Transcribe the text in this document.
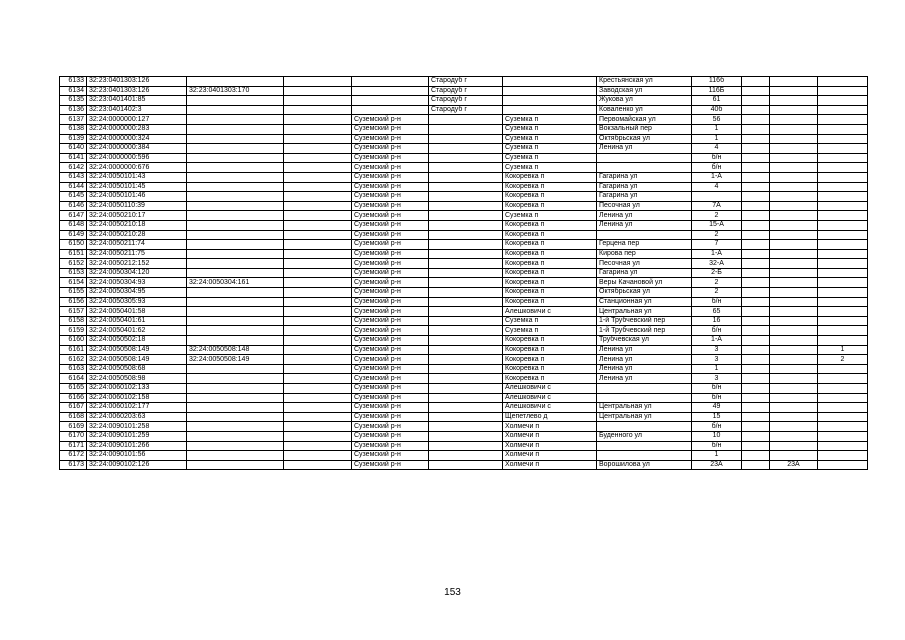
6133	32:23:0401303:126				Стародуб г		Крестьянская ул	116б			
6134	32:23:0401303:126	32:23:0401303:170			Стародуб г		Заводская ул	116Б			
6135	32:23:0401401:85				Стародуб г		Жукова ул	61			
6136	32:23:0401402:3				Стародуб г		Коваленко ул	40б			
6137	32:24:0000000:127			Суземский р-н		Суземка п	Первомайская ул	56			
6138	32:24:0000000:283			Суземский р-н		Суземка п	Вокзальный пер	1			
6139	32:24:0000000:324			Суземский р-н		Суземка п	Октябрьская ул	1			
6140	32:24:0000000:384			Суземский р-н		Суземка п	Ленина ул	4			
6141	32:24:0000000:596			Суземский р-н		Суземка п		б/н			
6142	32:24:0000000:676			Суземский р-н		Суземка п		б/н			
6143	32:24:0050101:43			Суземский р-н		Кокоревка п	Гагарина ул	1-А			
6144	32:24:0050101:45			Суземский р-н		Кокоревка п	Гагарина ул	4			
6145	32:24:0050101:46			Суземский р-н		Кокоревка п	Гагарина ул				
6146	32:24:0050110:39			Суземский р-н		Кокоревка п	Песочная ул	7А			
6147	32:24:0050210:17			Суземский р-н		Суземка п	Ленина ул	2			
6148	32:24:0050210:18			Суземский р-н		Кокоревка п	Ленина ул	15-А			
6149	32:24:0050210:28			Суземский р-н		Кокоревка п		2			
6150	32:24:0050211:74			Суземский р-н		Кокоревка п	Герцена пер	7			
6151	32:24:0050211:75			Суземский р-н		Кокоревка п	Кирова пер	1-А			
6152	32:24:0050212:152			Суземский р-н		Кокоревка п	Песочная ул	32-А			
6153	32:24:0050304:120			Суземский р-н		Кокоревка п	Гагарина ул	2-Б			
6154	32:24:0050304:93	32:24:0050304:161		Суземский р-н		Кокоревка п	Веры Качановой ул	2			
6155	32:24:0050304:95			Суземский р-н		Кокоревка п	Октябрьская ул	2			
6156	32:24:0050305:93			Суземский р-н		Кокоревка п	Станционная ул	б/н			
6157	32:24:0050401:58			Суземский р-н		Алешковичи с	Центральная ул	65			
6158	32:24:0050401:61			Суземский р-н		Суземка п	1-й Трубчевский пер	16			
6159	32:24:0050401:62			Суземский р-н		Суземка п	1-й Трубчевский пер	б/н			
6160	32:24:0050502:18			Суземский р-н		Кокоревка п	Трубчевская ул	1-А			
6161	32:24:0050508:149	32:24:0050508:148		Суземский р-н		Кокоревка п	Ленина ул	3			1
6162	32:24:0050508:149	32:24:0050508:149		Суземский р-н		Кокоревка п	Ленина ул	3			2
6163	32:24:0050508:68			Суземский р-н		Кокоревка п	Ленина ул	1			
6164	32:24:0050508:98			Суземский р-н		Кокоревка п	Ленина ул	3			
6165	32:24:0060102:133			Суземский р-н		Алешковичи с		б/н			
6166	32:24:0060102:158			Суземский р-н		Алешковичи с		б/н			
6167	32:24:0060102:177			Суземский р-н		Алешковичи с	Центральная ул	49			
6168	32:24:0060203:63			Суземский р-н		Щепетлево д	Центральная ул	15			
6169	32:24:0090101:258			Суземский р-н		Холмечи п		б/н			
6170	32:24:0090101:259			Суземский р-н		Холмечи п	Буденного ул	10			
6171	32:24:0090101:266			Суземский р-н		Холмечи п		б/н			
6172	32:24:0090101:56			Суземский р-н		Холмечи п		1			
6173	32:24:0090102:126			Суземский р-н		Холмечи п	Ворошилова ул	23А		23А	
153
